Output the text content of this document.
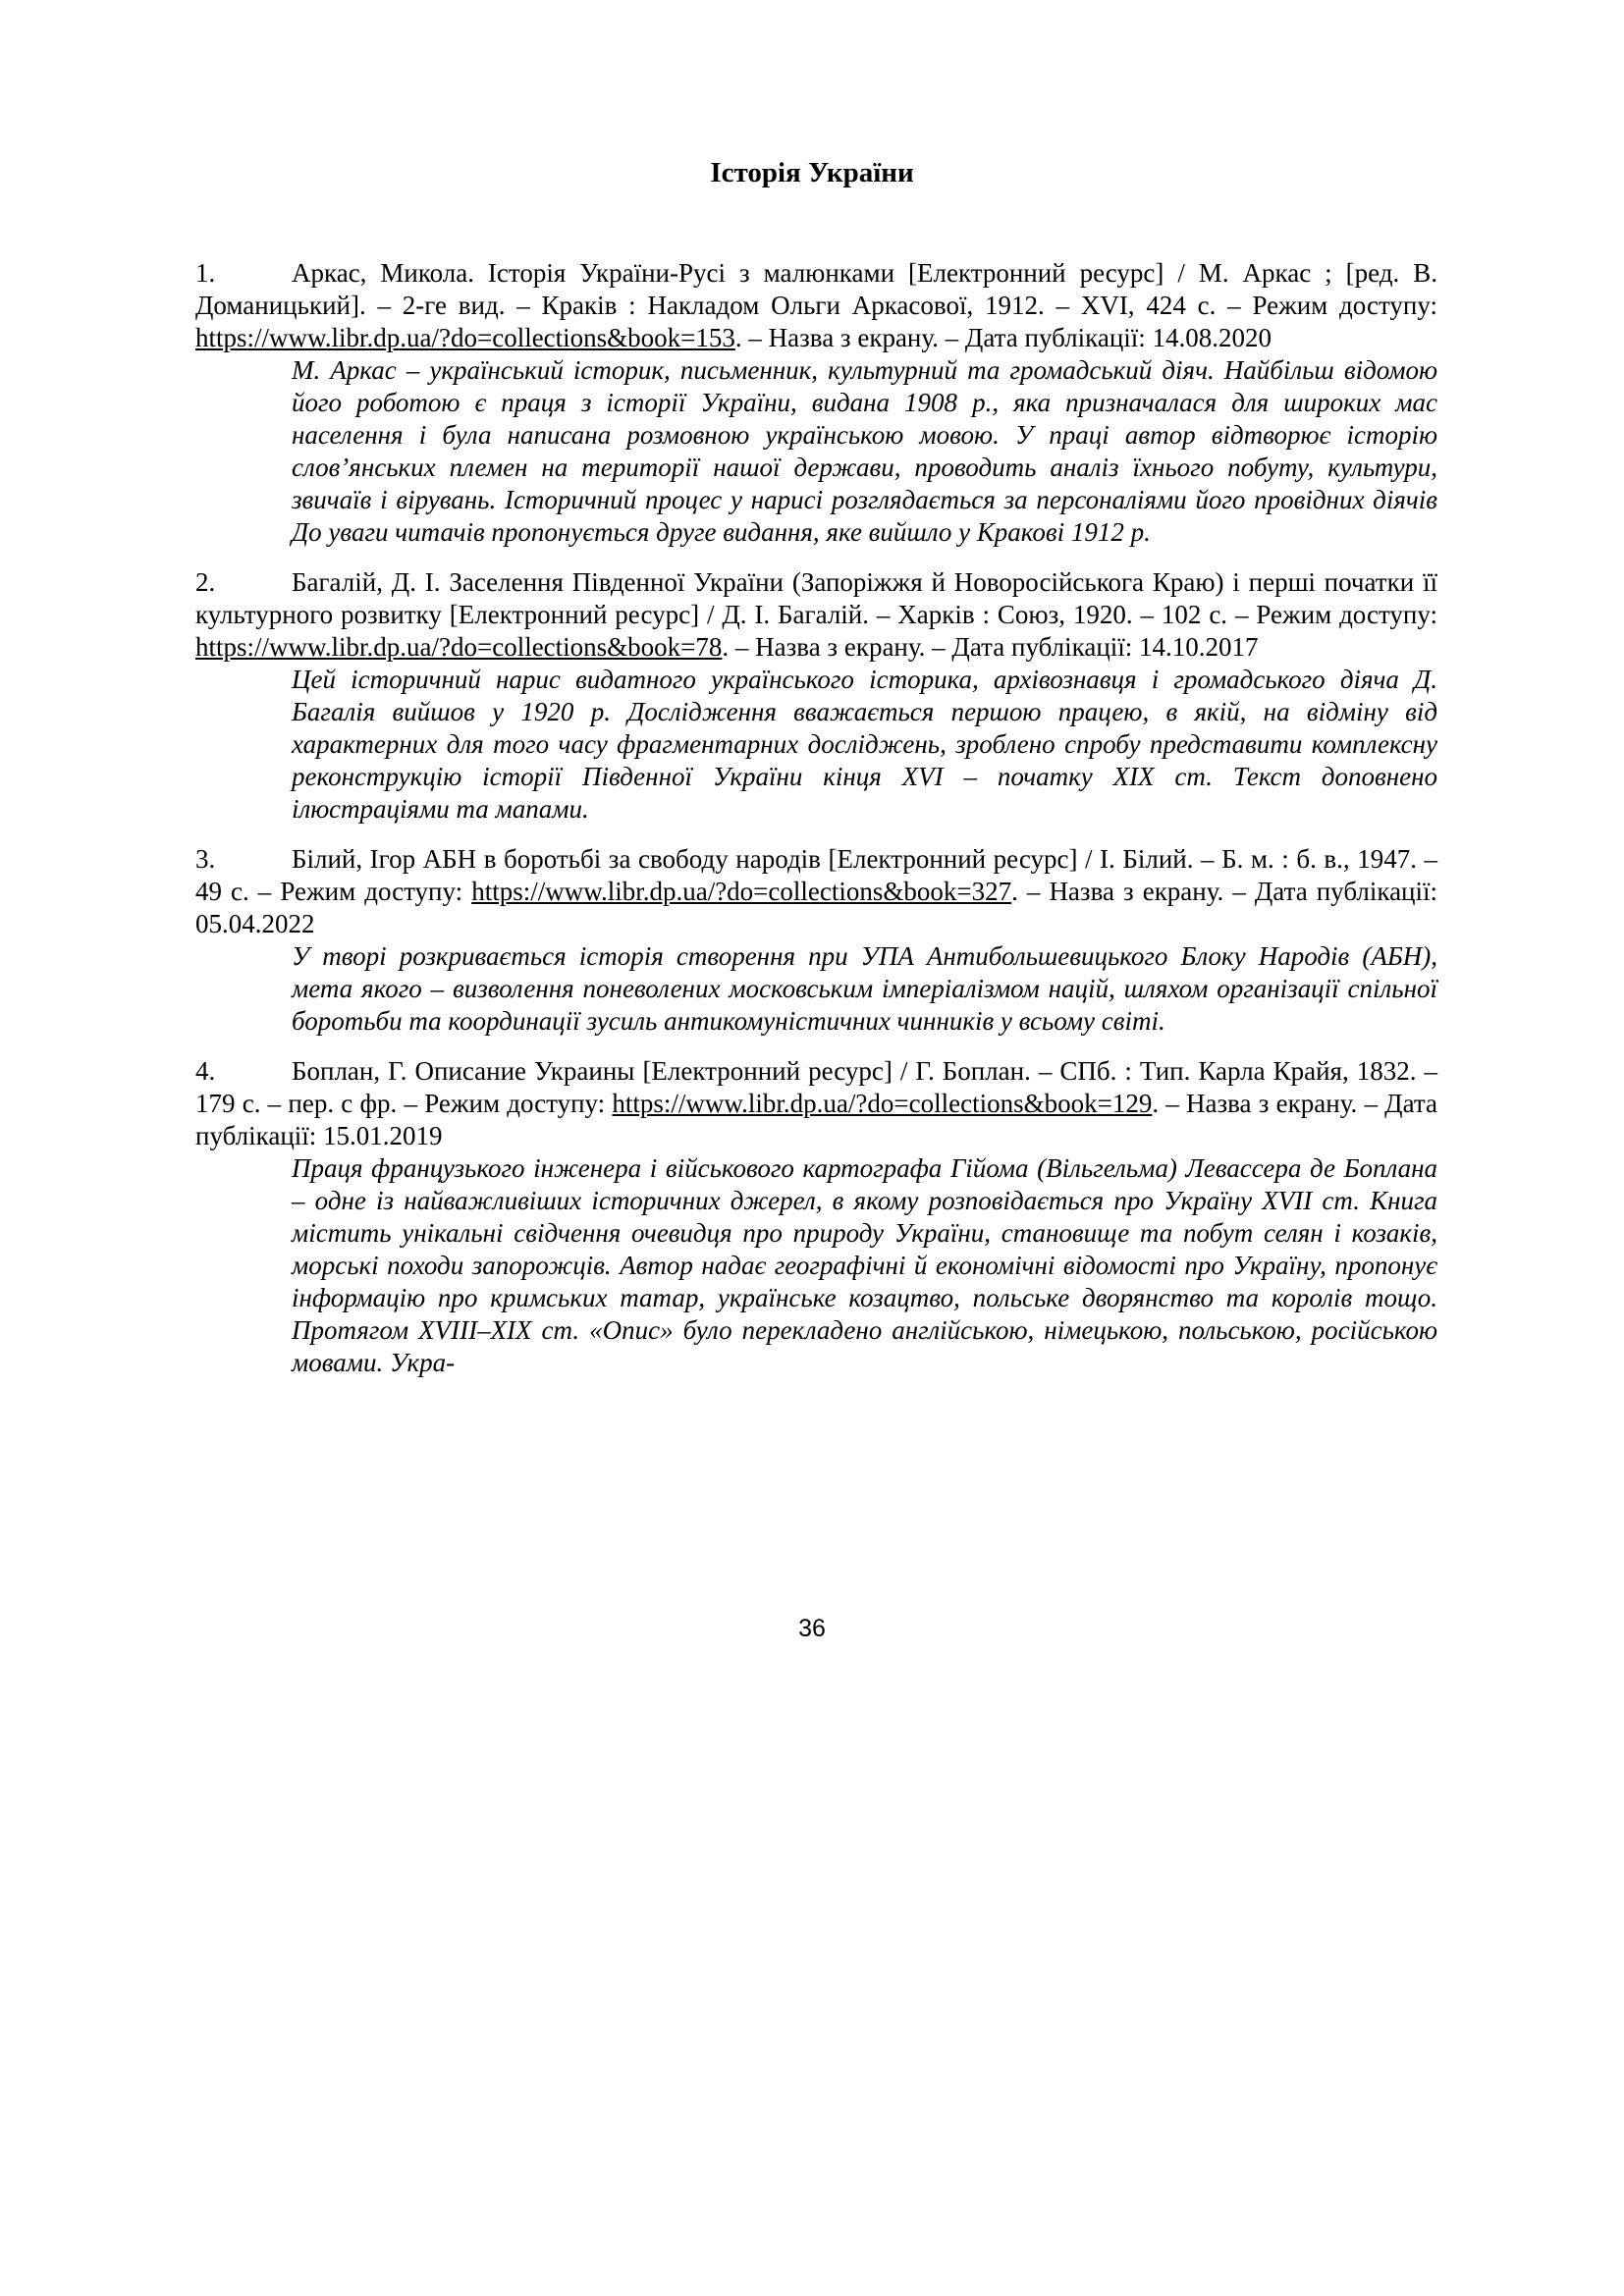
Історія України
1.	Аркас, Микола. Історія України-Русі з малюнками [Електронний ресурс] / М. Аркас ; [ред. В. Доманицький]. – 2-ге вид. – Краків : Накладом Ольги Аркасової, 1912. – XVI, 424 с. – Режим доступу: https://www.libr.dp.ua/?do=collections&book=153. – Назва з екрану. – Дата публікації: 14.08.2020
М. Аркас – український історик, письменник, культурний та громадський діяч. Найбільш відомою його роботою є праця з історії України, видана 1908 р., яка призначалася для широких мас населення і була написана розмовною українською мовою. У праці автор відтворює історію слов’янських племен на території нашої держави, проводить аналіз їхнього побуту, культури, звичаїв і вірувань. Історичний процес у нарисі розглядається за персоналіями його провідних діячів До уваги читачів пропонується друге видання, яке вийшло у Кракові 1912 р.
2.	Багалій, Д. І. Заселення Південної України (Запоріжжя й Новоросійськога Краю) і перші початки її культурного розвитку [Електронний ресурс] / Д. І. Багалій. – Харків : Союз, 1920. – 102 с. – Режим доступу: https://www.libr.dp.ua/?do=collections&book=78. – Назва з екрану. – Дата публікації: 14.10.2017
Цей історичний нарис видатного українського історика, архівознавця і громадського діяча Д. Багалія вийшов у 1920 р. Дослідження вважається першою працею, в якій, на відміну від характерних для того часу фрагментарних досліджень, зроблено спробу представити комплексну реконструкцію історії Південної України кінця XVI – початку XIX ст. Текст доповнено ілюстраціями та мапами.
3.	Білий, Ігор АБН в боротьбі за свободу народів [Електронний ресурс] / І. Білий. – Б. м. : б. в., 1947. – 49 с. – Режим доступу: https://www.libr.dp.ua/?do=collections&book=327. – Назва з екрану. – Дата публікації: 05.04.2022
У творі розкривається історія створення при УПА Антибольшевицького Блоку Народів (АБН), мета якого – визволення поневолених московським імперіалізмом націй, шляхом організації спільної боротьби та координації зусиль антикомуністичних чинників у всьому світі.
4.	Боплан, Г. Описание Украины [Електронний ресурс] / Г. Боплан. – СПб. : Тип. Карла Крайя, 1832. – 179 с. – пер. с фр. – Режим доступу: https://www.libr.dp.ua/?do=collections&book=129. – Назва з екрану. – Дата публікації: 15.01.2019
Праця французького інженера і військового картографа Гійома (Вільгельма) Левассера де Боплана – одне із найважливіших історичних джерел, в якому розповідається про Україну XVII ст. Книга містить унікальні свідчення очевидця про природу України, становище та побут селян і козаків, морські походи запорожців. Автор надає географічні й економічні відомості про Україну, пропонує інформацію про кримських татар, українське козацтво, польське дворянство та королів тощо. Протягом XVIII–XIX ст. «Опис» було перекладено англійською, німецькою, польською, російською мовами. Укра-
36
